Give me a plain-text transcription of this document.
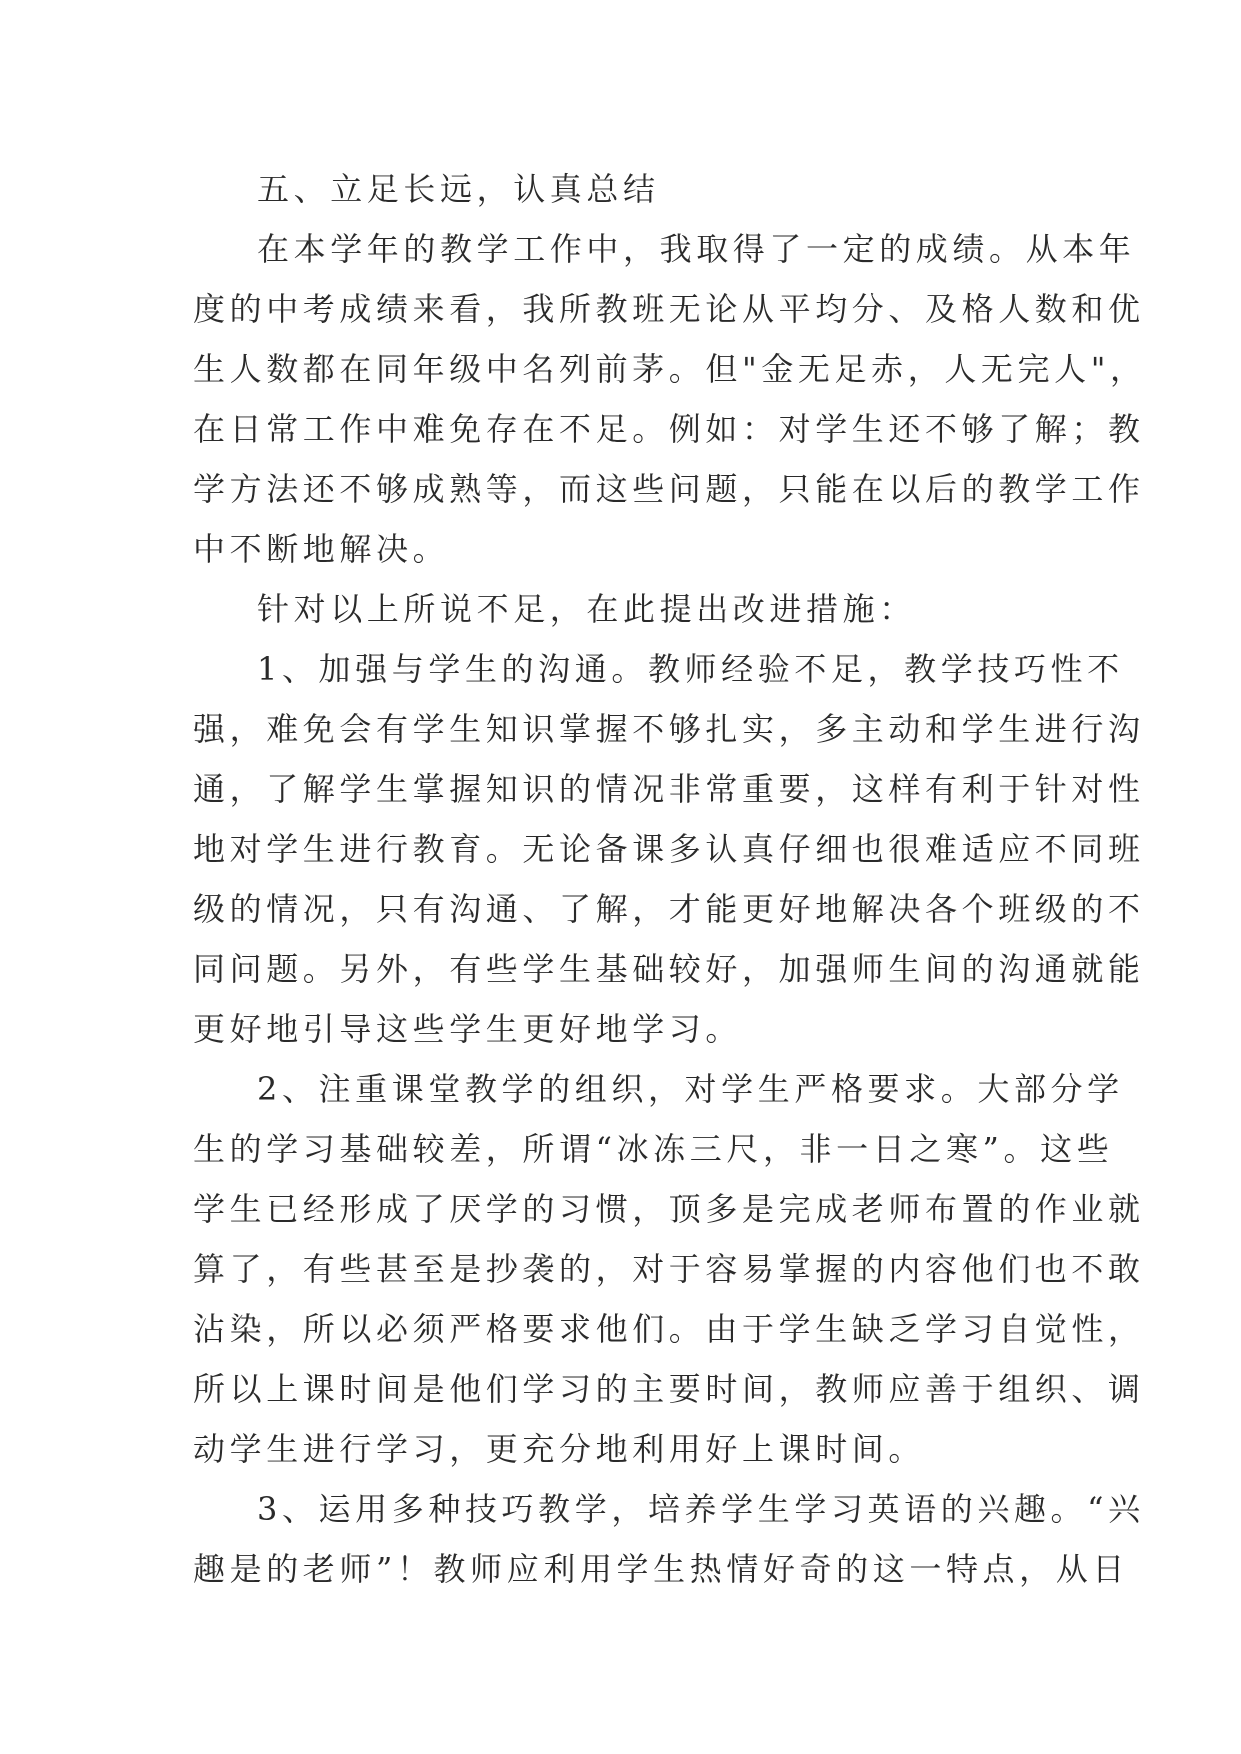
五、立足长远，认真总结
在本学年的教学工作中，我取得了一定的成绩。从本年
度的中考成绩来看，我所教班无论从平均分、及格人数和优
生人数都在同年级中名列前茅。但"金无足赤，人无完人"，
在日常工作中难免存在不足。例如：对学生还不够了解；教
学方法还不够成熟等，而这些问题，只能在以后的教学工作
中不断地解决。
针对以上所说不足，在此提出改进措施：
1、加强与学生的沟通。教师经验不足，教学技巧性不
强，难免会有学生知识掌握不够扎实，多主动和学生进行沟
通，了解学生掌握知识的情况非常重要，这样有利于针对性
地对学生进行教育。无论备课多认真仔细也很难适应不同班
级的情况，只有沟通、了解，才能更好地解决各个班级的不
同问题。另外，有些学生基础较好，加强师生间的沟通就能
更好地引导这些学生更好地学习。
2、注重课堂教学的组织，对学生严格要求。大部分学
生的学习基础较差，所谓“冰冻三尺，非一日之寒”。这些
学生已经形成了厌学的习惯，顶多是完成老师布置的作业就
算了，有些甚至是抄袭的，对于容易掌握的内容他们也不敢
沾染，所以必须严格要求他们。由于学生缺乏学习自觉性，
所以上课时间是他们学习的主要时间，教师应善于组织、调
动学生进行学习，更充分地利用好上课时间。
3、运用多种技巧教学，培养学生学习英语的兴趣。“兴
趣是的老师”！教师应利用学生热情好奇的这一特点，从日
